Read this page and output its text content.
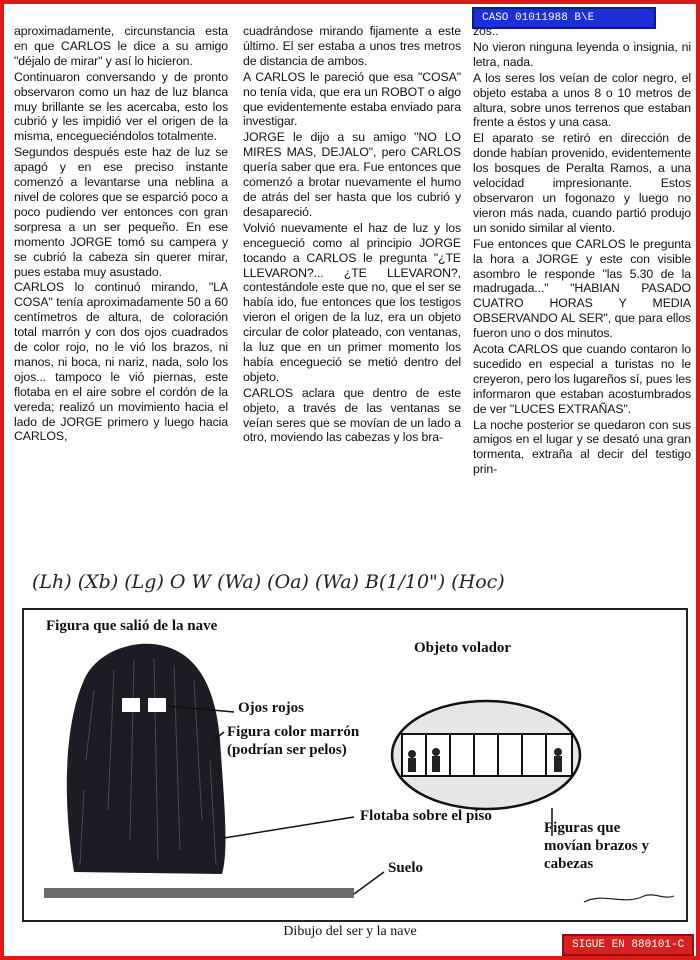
CASO 01011988 B\E

aproximadamente, circunstancia esta en que CARLOS le dice a su amigo "déjalo de mirar" y así lo hicieron.

Continuaron conversando y de pronto observaron como un haz de luz blanca muy brillante se les acercaba, esto los cubrió y les impidió ver el origen de la misma, encegueciéndolos totalmente.

Segundos después este haz de luz se apagó y en ese preciso instante comenzó a levantarse una neblina a nivel de colores que se esparció poco a poco pudiendo ver entonces con gran sorpresa a un ser pequeño. En ese momento JORGE tomó su campera y se cubrió la cabeza sin querer mirar, pues estaba muy asustado.

CARLOS lo continuó mirando, "LA COSA" tenía aproximadamente 50 a 60 centímetros de altura, de coloración total marrón y con dos ojos cuadrados de color rojo, no le vió los brazos, ni manos, ni boca, ni nariz, nada, solo los ojos... tampoco le vió piernas, este flotaba en el aire sobre el cordón de la vereda; realizó un movimiento hacia el lado de JORGE primero y luego hacia CARLOS,

cuadrándose mirando fijamente a este último. El ser estaba a unos tres metros de distancia de ambos.

A CARLOS le pareció que esa "COSA" no tenía vida, que era un ROBOT o algo que evidentemente estaba enviado para investigar.

JORGE le dijo a su amigo "NO LO MIRES MAS, DEJALO", pero CARLOS quería saber que era. Fue entonces que comenzó a brotar nuevamente el humo de atrás del ser hasta que los cubrió y desapareció.

Volvió nuevamente el haz de luz y los encegueció como al principio JORGE tocando a CARLOS le pregunta "¿TE LLEVARON?... ¿TE LLEVARON?, contestándole este que no, que el ser se había ido, fue entonces que los testigos vieron el origen de la luz, era un objeto circular de color plateado, con ventanas, la luz que en un primer momento los había encegueció se metió dentro del objeto.

CARLOS aclara que dentro de este objeto, a través de las ventanas se veían seres que se movían de un lado a otro, moviendo las cabezas y los bra-

zos..

No vieron ninguna leyenda o insignia, ni letra, nada.

A los seres los veían de color negro, el objeto estaba a unos 8 o 10 metros de altura, sobre unos terrenos que estaban frente a éstos y una casa.

El aparato se retiró en dirección de donde habían provenido, evidentemente los bosques de Peralta Ramos, a una velocidad impresionante. Estos observaron un fogonazo y luego no vieron más nada, cuando partió produjo un sonido similar al viento.

Fue entonces que CARLOS le pregunta la hora a JORGE y este con visible asombro le responde "las 5.30 de la madrugada..." "HABIAN PASADO CUATRO HORAS Y MEDIA OBSERVANDO AL SER", que para ellos fueron uno o dos minutos.

Acota CARLOS que cuando contaron lo sucedido en especial a turistas no le creyeron, pero los lugareños sí, pues les informaron que estaban acostumbrados de ver "LUCES EXTRAÑAS".

La noche posterior se quedaron con sus amigos en el lugar y se desató una gran tormenta, extraña al decir del testigo prin-

(Lh) (Xb) (Lg) O W (Wa) (Oa) (Wa) B(1/10") (Hoc)
Figura que salió de la nave
Objeto volador
Ojos rojos
Figura color marrón
(podrían ser pelos)
Flotaba sobre el piso
Suelo
Figuras que
movían brazos y
cabezas
Dibujo del ser y la nave
SIGUE EN 880101-C
